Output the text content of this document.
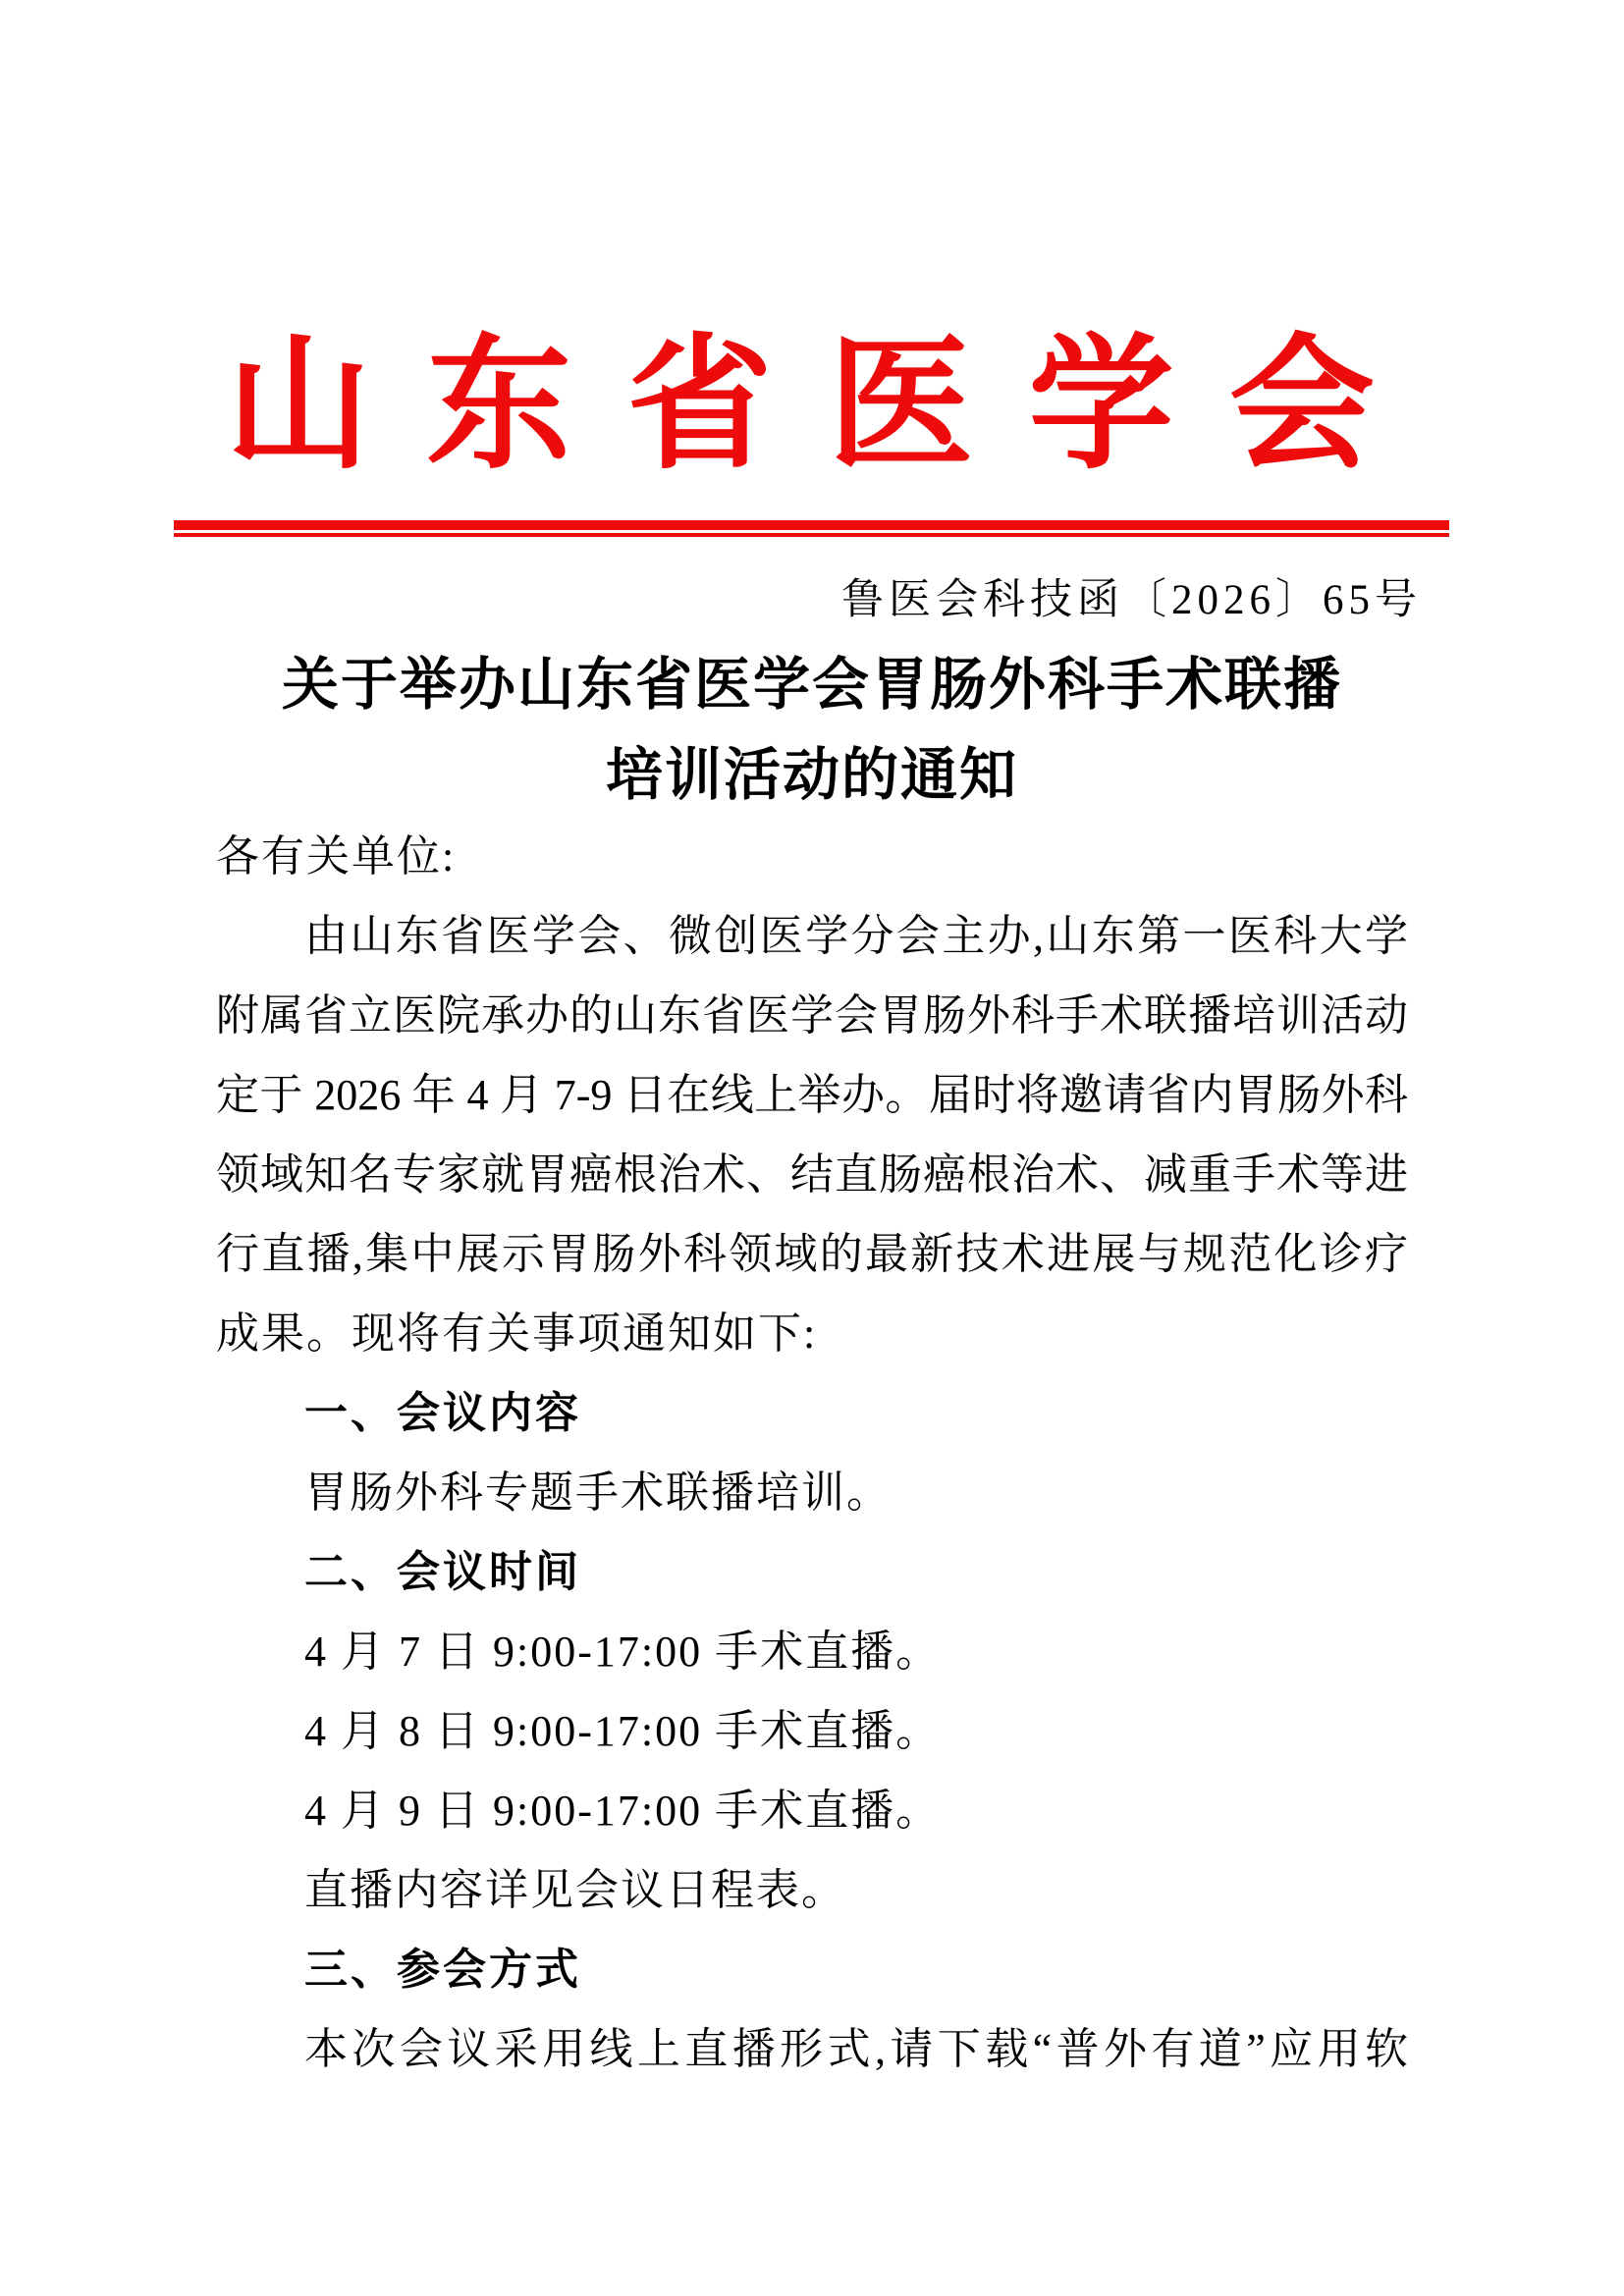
山 东 省 医 学 会
鲁医会科技函〔2026〕65号
关于举办山东省医学会胃肠外科手术联播
培训活动的通知
各有关单位:
由山东省医学会、微创医学分会主办,山东第一医科大学
附属省立医院承办的山东省医学会胃肠外科手术联播培训活动
定于 2026 年 4 月 7-9 日在线上举办。届时将邀请省内胃肠外科
领域知名专家就胃癌根治术、结直肠癌根治术、减重手术等进
行直播,集中展示胃肠外科领域的最新技术进展与规范化诊疗
成果。现将有关事项通知如下:
一、会议内容
胃肠外科专题手术联播培训。
二、会议时间
4 月 7 日 9:00-17:00 手术直播。
4 月 8 日 9:00-17:00 手术直播。
4 月 9 日 9:00-17:00 手术直播。
直播内容详见会议日程表。
三、参会方式
本次会议采用线上直播形式,请下载“普外有道”应用软
